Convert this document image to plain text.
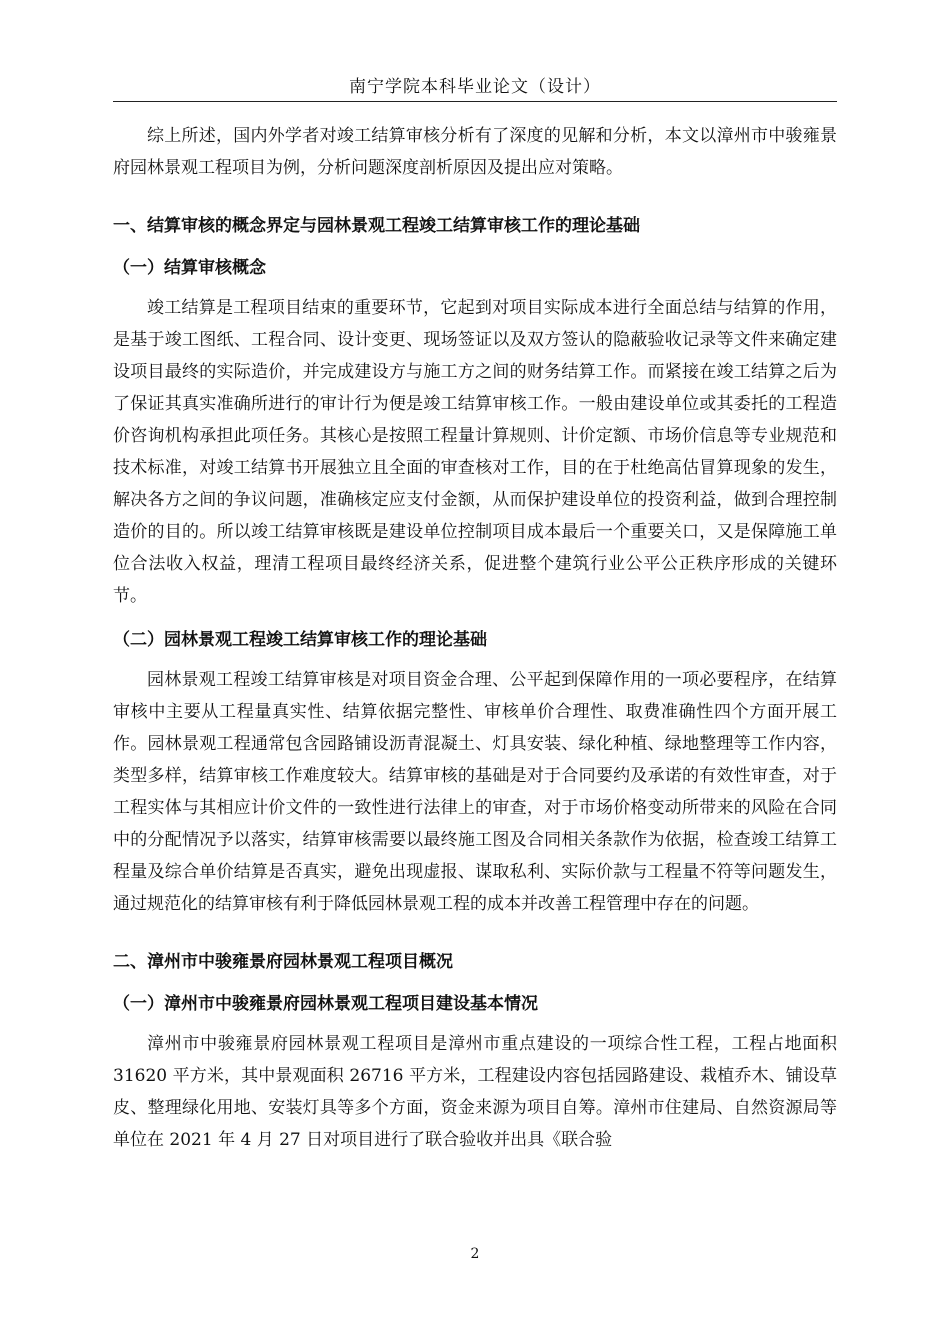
南宁学院本科毕业论文（设计）

综上所述，国内外学者对竣工结算审核分析有了深度的见解和分析，本文以漳州市中骏雍景府园林景观工程项目为例，分析问题深度剖析原因及提出应对策略。

一、结算审核的概念界定与园林景观工程竣工结算审核工作的理论基础
（一）结算审核概念

竣工结算是工程项目结束的重要环节，它起到对项目实际成本进行全面总结与结算的作用，是基于竣工图纸、工程合同、设计变更、现场签证以及双方签认的隐蔽验收记录等文件来确定建设项目最终的实际造价，并完成建设方与施工方之间的财务结算工作。而紧接在竣工结算之后为了保证其真实准确所进行的审计行为便是竣工结算审核工作。一般由建设单位或其委托的工程造价咨询机构承担此项任务。其核心是按照工程量计算规则、计价定额、市场价信息等专业规范和技术标准，对竣工结算书开展独立且全面的审查核对工作，目的在于杜绝高估冒算现象的发生，解决各方之间的争议问题，准确核定应支付金额，从而保护建设单位的投资利益，做到合理控制造价的目的。所以竣工结算审核既是建设单位控制项目成本最后一个重要关口，又是保障施工单位合法收入权益，理清工程项目最终经济关系，促进整个建筑行业公平公正秩序形成的关键环节。

（二）园林景观工程竣工结算审核工作的理论基础

园林景观工程竣工结算审核是对项目资金合理、公平起到保障作用的一项必要程序，在结算审核中主要从工程量真实性、结算依据完整性、审核单价合理性、取费准确性四个方面开展工作。园林景观工程通常包含园路铺设沥青混凝土、灯具安装、绿化种植、绿地整理等工作内容，类型多样，结算审核工作难度较大。结算审核的基础是对于合同要约及承诺的有效性审查，对于工程实体与其相应计价文件的一致性进行法律上的审查，对于市场价格变动所带来的风险在合同中的分配情况予以落实，结算审核需要以最终施工图及合同相关条款作为依据，检查竣工结算工程量及综合单价结算是否真实，避免出现虚报、谋取私利、实际价款与工程量不符等问题发生，通过规范化的结算审核有利于降低园林景观工程的成本并改善工程管理中存在的问题。

二、漳州市中骏雍景府园林景观工程项目概况
（一）漳州市中骏雍景府园林景观工程项目建设基本情况

漳州市中骏雍景府园林景观工程项目是漳州市重点建设的一项综合性工程，工程占地面积 31620 平方米，其中景观面积 26716 平方米，工程建设内容包括园路建设、栽植乔木、铺设草皮、整理绿化用地、安装灯具等多个方面，资金来源为项目自筹。漳州市住建局、自然资源局等单位在 2021 年 4 月 27 日对项目进行了联合验收并出具《联合验

2
